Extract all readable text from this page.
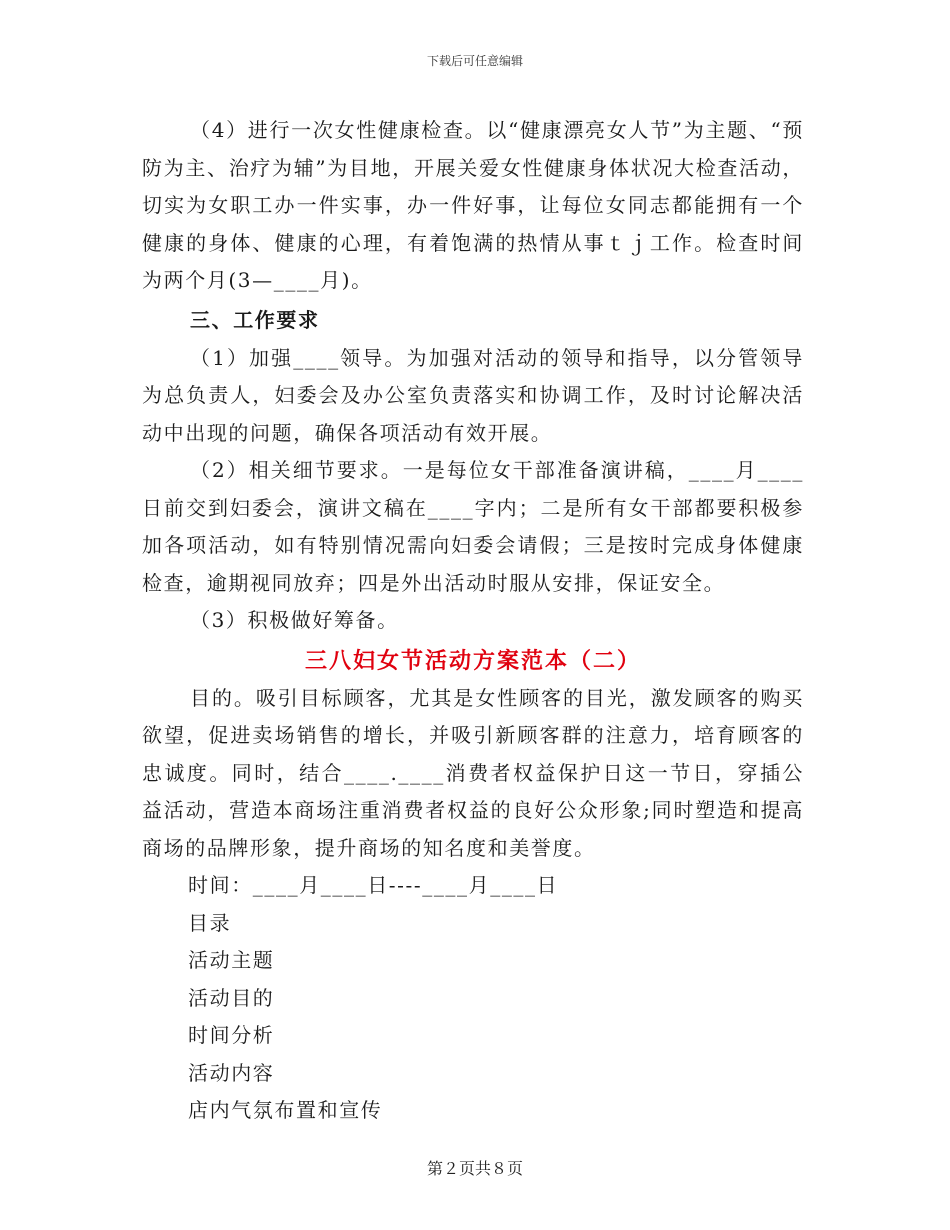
下载后可任意编辑

（4）进行一次女性健康检查。以“健康漂亮女人节”为主题、“预防为主、治疗为辅”为目地，开展关爱女性健康身体状况大检查活动，切实为女职工办一件实事，办一件好事，让每位女同志都能拥有一个健康的身体、健康的心理，有着饱满的热情从事ｔｊ工作。检查时间为两个月(3—____月)。

三、工作要求

（1）加强____领导。为加强对活动的领导和指导，以分管领导为总负责人，妇委会及办公室负责落实和协调工作，及时讨论解决活动中出现的问题，确保各项活动有效开展。

（2）相关细节要求。一是每位女干部准备演讲稿，____月____日前交到妇委会，演讲文稿在____字内；二是所有女干部都要积极参加各项活动，如有特别情况需向妇委会请假；三是按时完成身体健康检查，逾期视同放弃；四是外出活动时服从安排，保证安全。

（3）积极做好筹备。

三八妇女节活动方案范本（二）

目的。吸引目标顾客，尤其是女性顾客的目光，激发顾客的购买欲望，促进卖场销售的增长，并吸引新顾客群的注意力，培育顾客的忠诚度。同时，结合____.____消费者权益保护日这一节日，穿插公益活动，营造本商场注重消费者权益的良好公众形象;同时塑造和提高商场的品牌形象，提升商场的知名度和美誉度。

时间：____月____日----____月____日

目录

活动主题

活动目的

时间分析

活动内容

店内气氛布置和宣传

第２页共８页
